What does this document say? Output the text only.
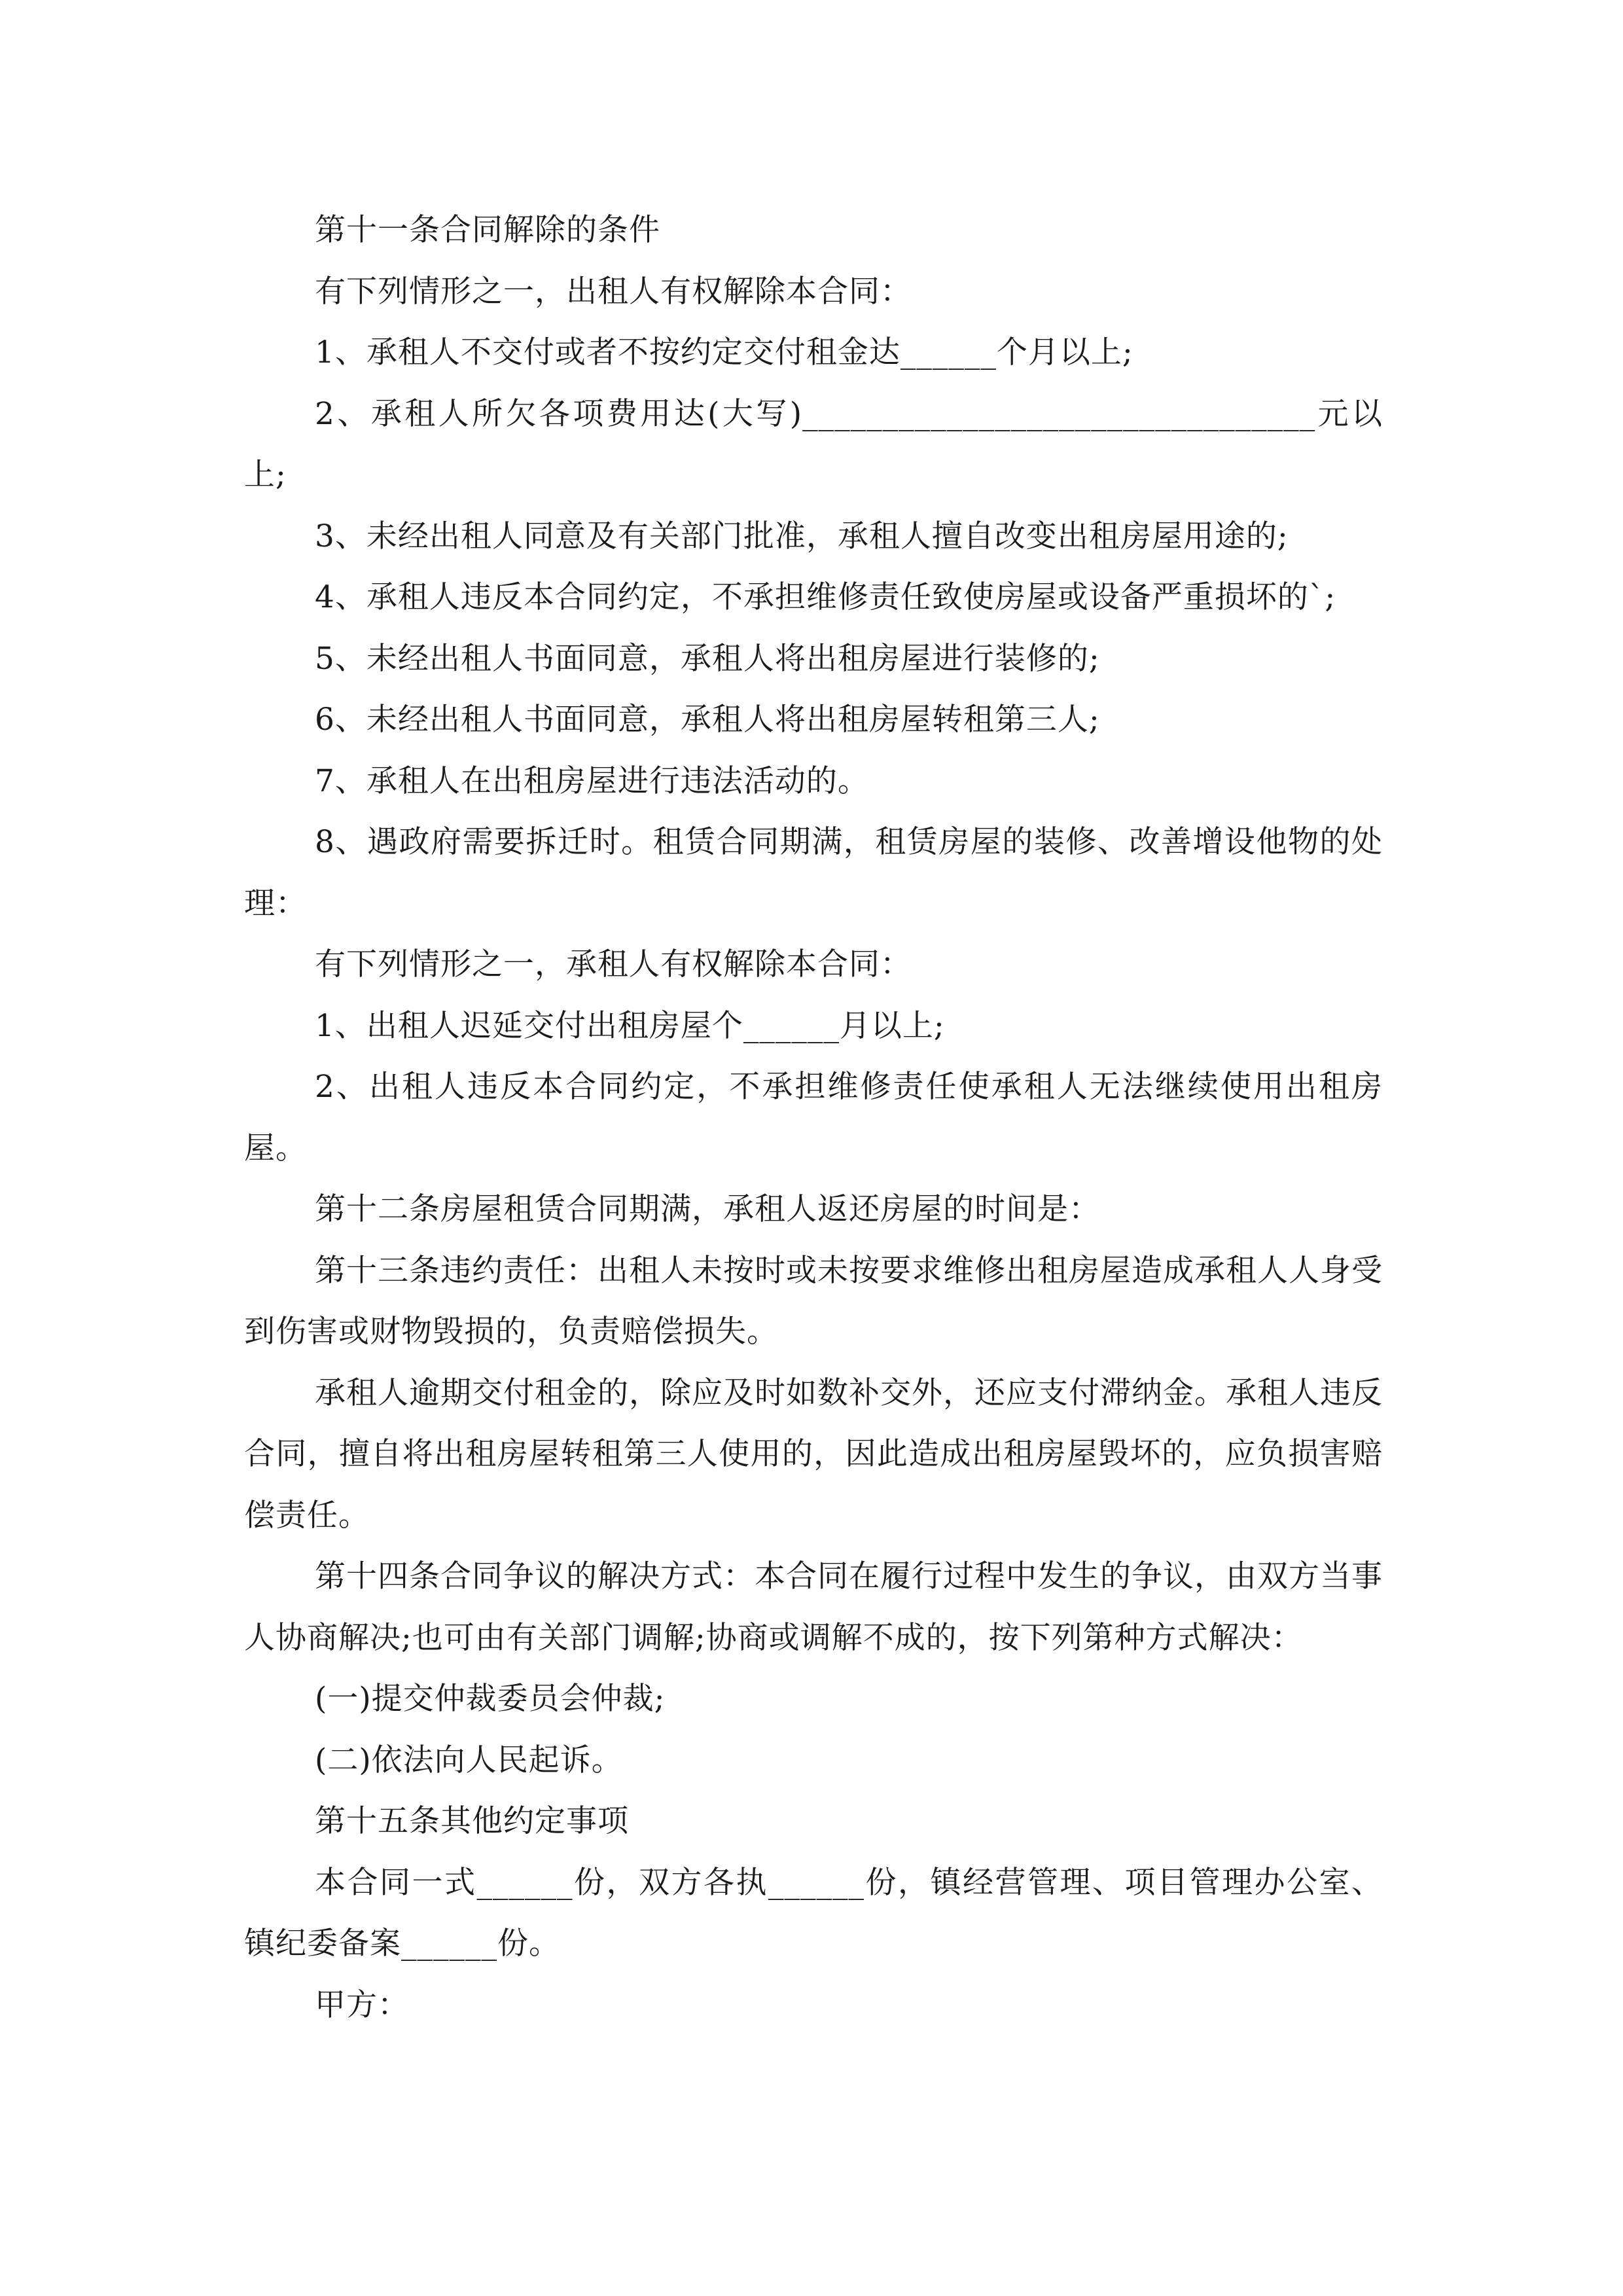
第十一条合同解除的条件

有下列情形之一，出租人有权解除本合同：

1、承租人不交付或者不按约定交付租金达______个月以上;

2、承租人所欠各项费用达(大写)________________________________元以上;

3、未经出租人同意及有关部门批准，承租人擅自改变出租房屋用途的;

4、承租人违反本合同约定，不承担维修责任致使房屋或设备严重损坏的`;

5、未经出租人书面同意，承租人将出租房屋进行装修的;

6、未经出租人书面同意，承租人将出租房屋转租第三人;

7、承租人在出租房屋进行违法活动的。

8、遇政府需要拆迁时。租赁合同期满，租赁房屋的装修、改善增设他物的处理：

有下列情形之一，承租人有权解除本合同：

1、出租人迟延交付出租房屋个______月以上;

2、出租人违反本合同约定，不承担维修责任使承租人无法继续使用出租房屋。

第十二条房屋租赁合同期满，承租人返还房屋的时间是：

第十三条违约责任：出租人未按时或未按要求维修出租房屋造成承租人人身受到伤害或财物毁损的，负责赔偿损失。

承租人逾期交付租金的，除应及时如数补交外，还应支付滞纳金。承租人违反合同，擅自将出租房屋转租第三人使用的，因此造成出租房屋毁坏的，应负损害赔偿责任。

第十四条合同争议的解决方式：本合同在履行过程中发生的争议，由双方当事人协商解决;也可由有关部门调解;协商或调解不成的，按下列第种方式解决：

(一)提交仲裁委员会仲裁;

(二)依法向人民起诉。

第十五条其他约定事项

本合同一式______份，双方各执______份，镇经营管理、项目管理办公室、镇纪委备案______份。

甲方：
